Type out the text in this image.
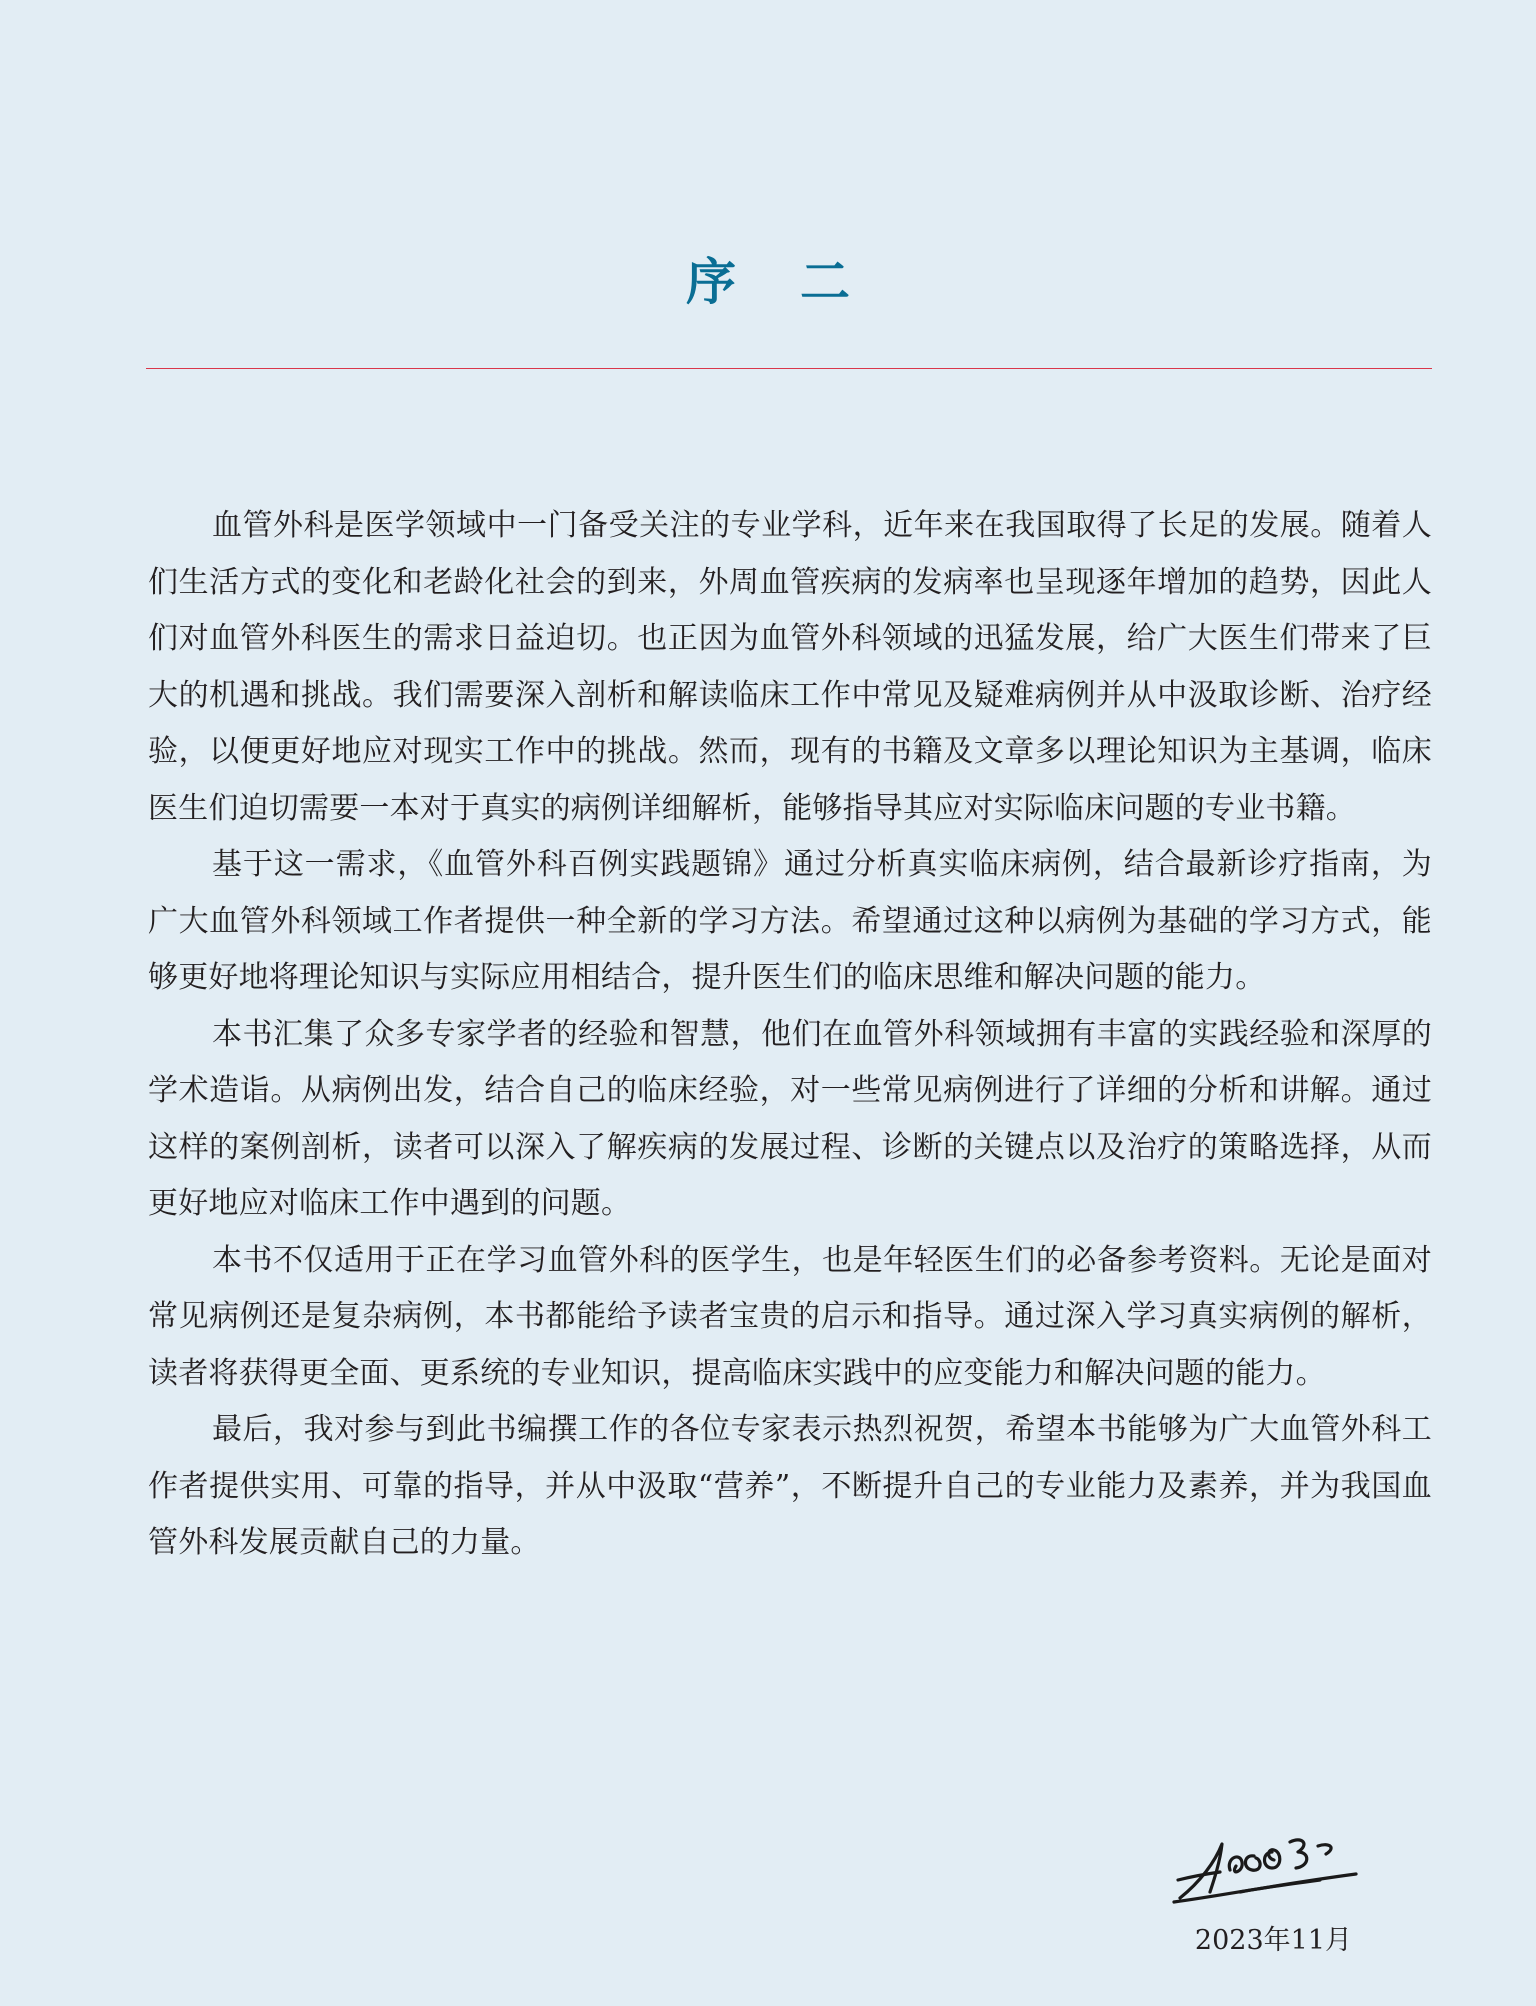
序二

血管外科是医学领域中一门备受关注的专业学科，近年来在我国取得了长足的发展。随着人们生活方式的变化和老龄化社会的到来，外周血管疾病的发病率也呈现逐年增加的趋势，因此人们对血管外科医生的需求日益迫切。也正因为血管外科领域的迅猛发展，给广大医生们带来了巨大的机遇和挑战。我们需要深入剖析和解读临床工作中常见及疑难病例并从中汲取诊断、治疗经验，以便更好地应对现实工作中的挑战。然而，现有的书籍及文章多以理论知识为主基调，临床医生们迫切需要一本对于真实的病例详细解析，能够指导其应对实际临床问题的专业书籍。

基于这一需求，《血管外科百例实践题锦》通过分析真实临床病例，结合最新诊疗指南，为广大血管外科领域工作者提供一种全新的学习方法。希望通过这种以病例为基础的学习方式，能够更好地将理论知识与实际应用相结合，提升医生们的临床思维和解决问题的能力。

本书汇集了众多专家学者的经验和智慧，他们在血管外科领域拥有丰富的实践经验和深厚的学术造诣。从病例出发，结合自己的临床经验，对一些常见病例进行了详细的分析和讲解。通过这样的案例剖析，读者可以深入了解疾病的发展过程、诊断的关键点以及治疗的策略选择，从而更好地应对临床工作中遇到的问题。

本书不仅适用于正在学习血管外科的医学生，也是年轻医生们的必备参考资料。无论是面对常见病例还是复杂病例，本书都能给予读者宝贵的启示和指导。通过深入学习真实病例的解析，读者将获得更全面、更系统的专业知识，提高临床实践中的应变能力和解决问题的能力。

最后，我对参与到此书编撰工作的各位专家表示热烈祝贺，希望本书能够为广大血管外科工作者提供实用、可靠的指导，并从中汲取“营养”，不断提升自己的专业能力及素养，并为我国血管外科发展贡献自己的力量。

2023年11月
